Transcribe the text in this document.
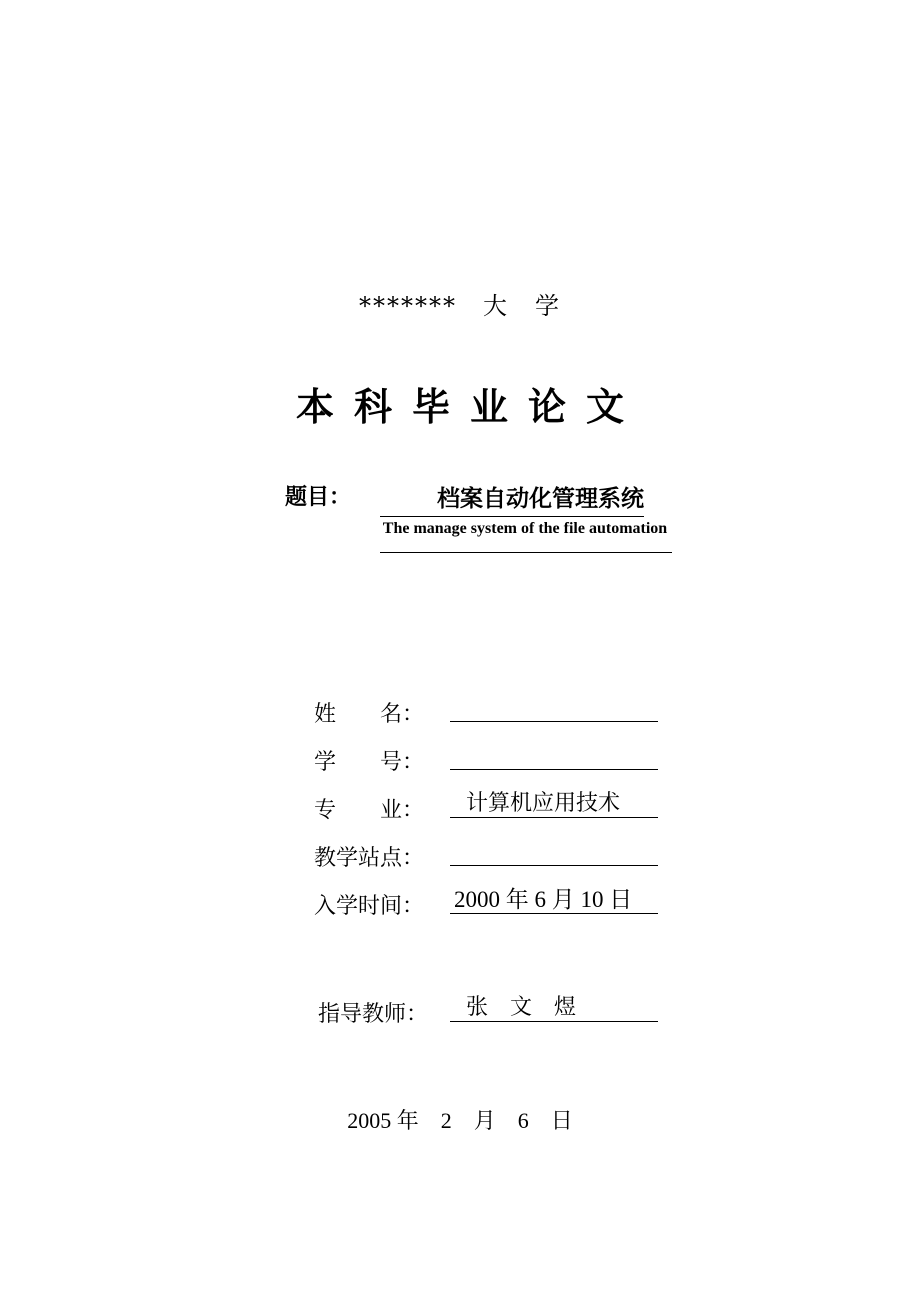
*******　大　学
本科毕业论文
题目：	档案自动化管理系统
The manage system of the file automation
姓　　名：
学　　号：
专　　业：	计算机应用技术
教学站点：
入学时间：	2000 年 6 月 10 日
指导教师：	张　文　煜
2005 年　2　月　6　日
